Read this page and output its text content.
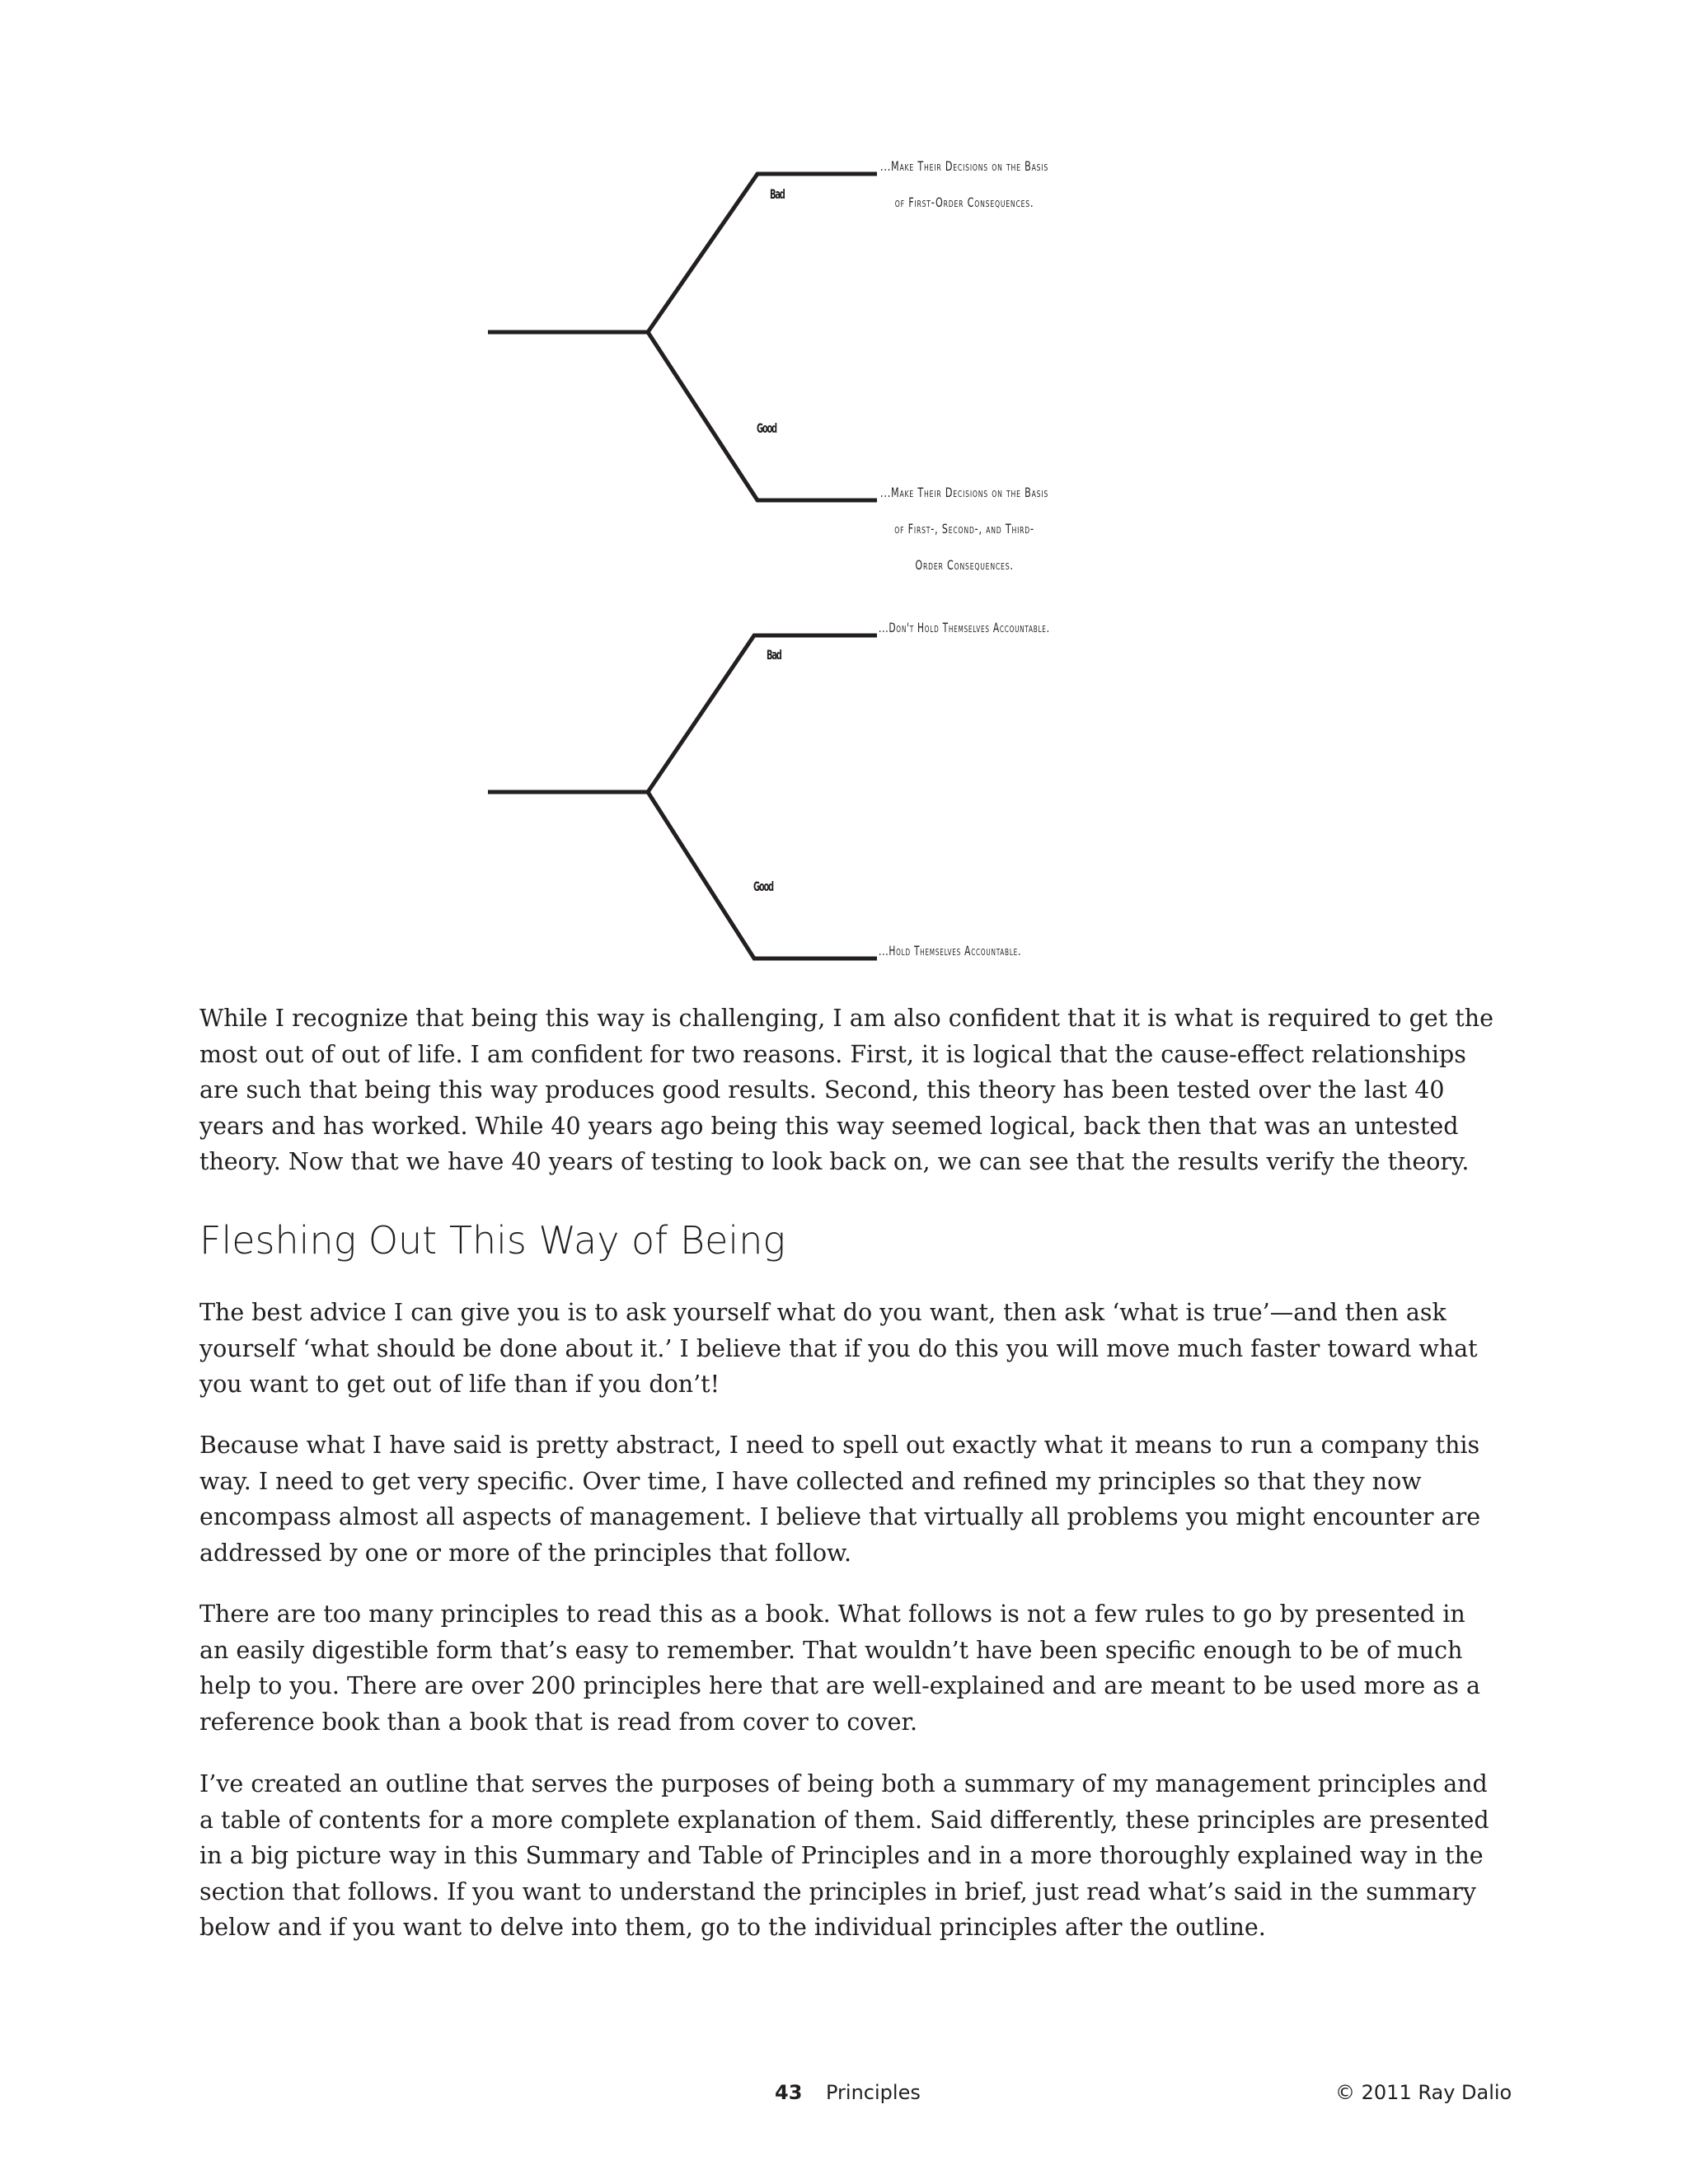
Bad
Good
...Make Their Decisions on the Basis
of First-Order Consequences.
...Make Their Decisions on the Basis
of First-, Second-, and Third-
Order Consequences.
Bad
Good
...Don't Hold Themselves Accountable.
...Hold Themselves Accountable.

While I recognize that being this way is challenging, I am also confident that it is what is required to get the most out of out of life. I am confident for two reasons. First, it is logical that the cause-effect relationships are such that being this way produces good results. Second, this theory has been tested over the last 40 years and has worked. While 40 years ago being this way seemed logical, back then that was an untested theory. Now that we have 40 years of testing to look back on, we can see that the results verify the theory.

Fleshing Out This Way of Being

The best advice I can give you is to ask yourself what do you want, then ask ‘what is true’—and then ask yourself ‘what should be done about it.’ I believe that if you do this you will move much faster toward what you want to get out of life than if you don’t!

Because what I have said is pretty abstract, I need to spell out exactly what it means to run a company this way. I need to get very specific. Over time, I have collected and refined my principles so that they now encompass almost all aspects of management. I believe that virtually all problems you might encounter are addressed by one or more of the principles that follow.

There are too many principles to read this as a book. What follows is not a few rules to go by presented in an easily digestible form that’s easy to remember. That wouldn’t have been specific enough to be of much help to you. There are over 200 principles here that are well-explained and are meant to be used more as a reference book than a book that is read from cover to cover.

I’ve created an outline that serves the purposes of being both a summary of my management principles and a table of contents for a more complete explanation of them. Said differently, these principles are presented in a big picture way in this Summary and Table of Principles and in a more thoroughly explained way in the section that follows. If you want to understand the principles in brief, just read what’s said in the summary below and if you want to delve into them, go to the individual principles after the outline.

43 Principles	© 2011 Ray Dalio
